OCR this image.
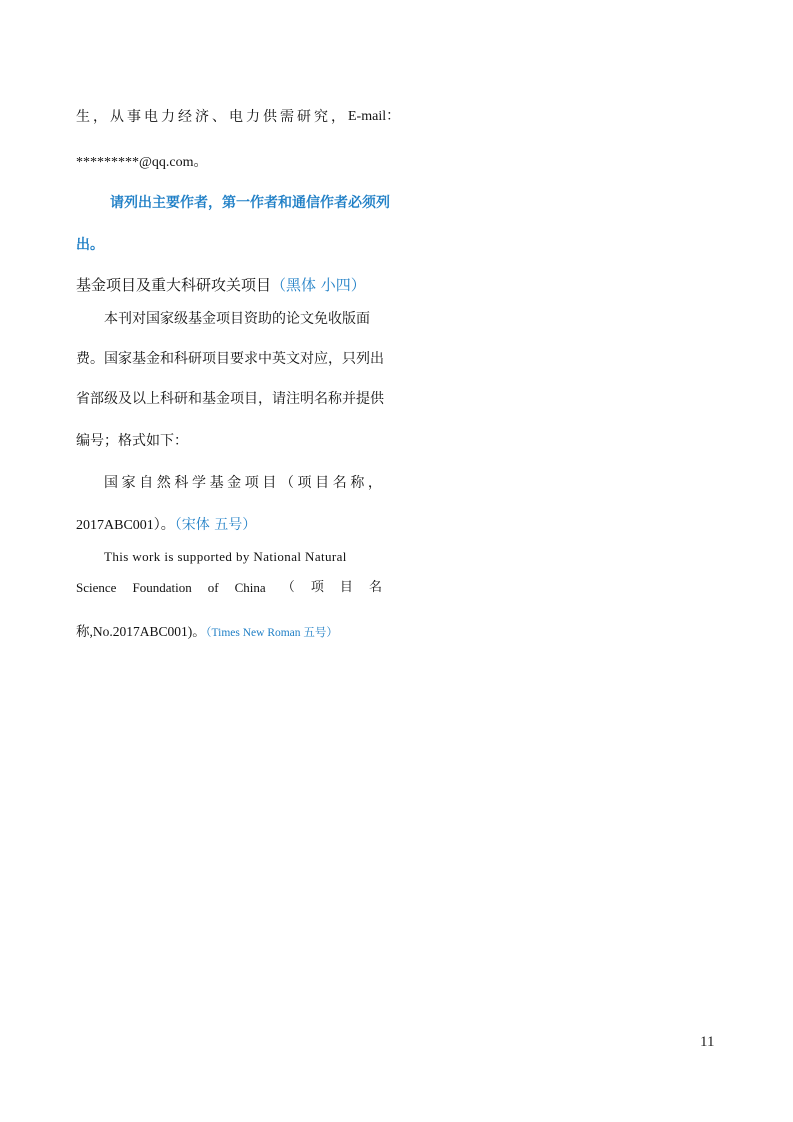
生，从事电力经济、电力供需研究， E-mail：
*********@qq.com。
请列出主要作者，第一作者和通信作者必须列
出。
基金项目及重大科研攻关项目（黑体 小四）
本刊对国家级基金项目资助的论文免收版面
费。国家基金和科研项目要求中英文对应，只列出
省部级及以上科研和基金项目，请注明名称并提供
编号；格式如下：
国 家 自 然 科 学 基 金 项 目 （ 项 目 名 称 ，
2017ABC001）。（宋体 五号）
This work is supported by National Natural
Science Foundation of China （ 项 目 名
称,No.2017ABC001)。（Times New Roman 五号）
11
